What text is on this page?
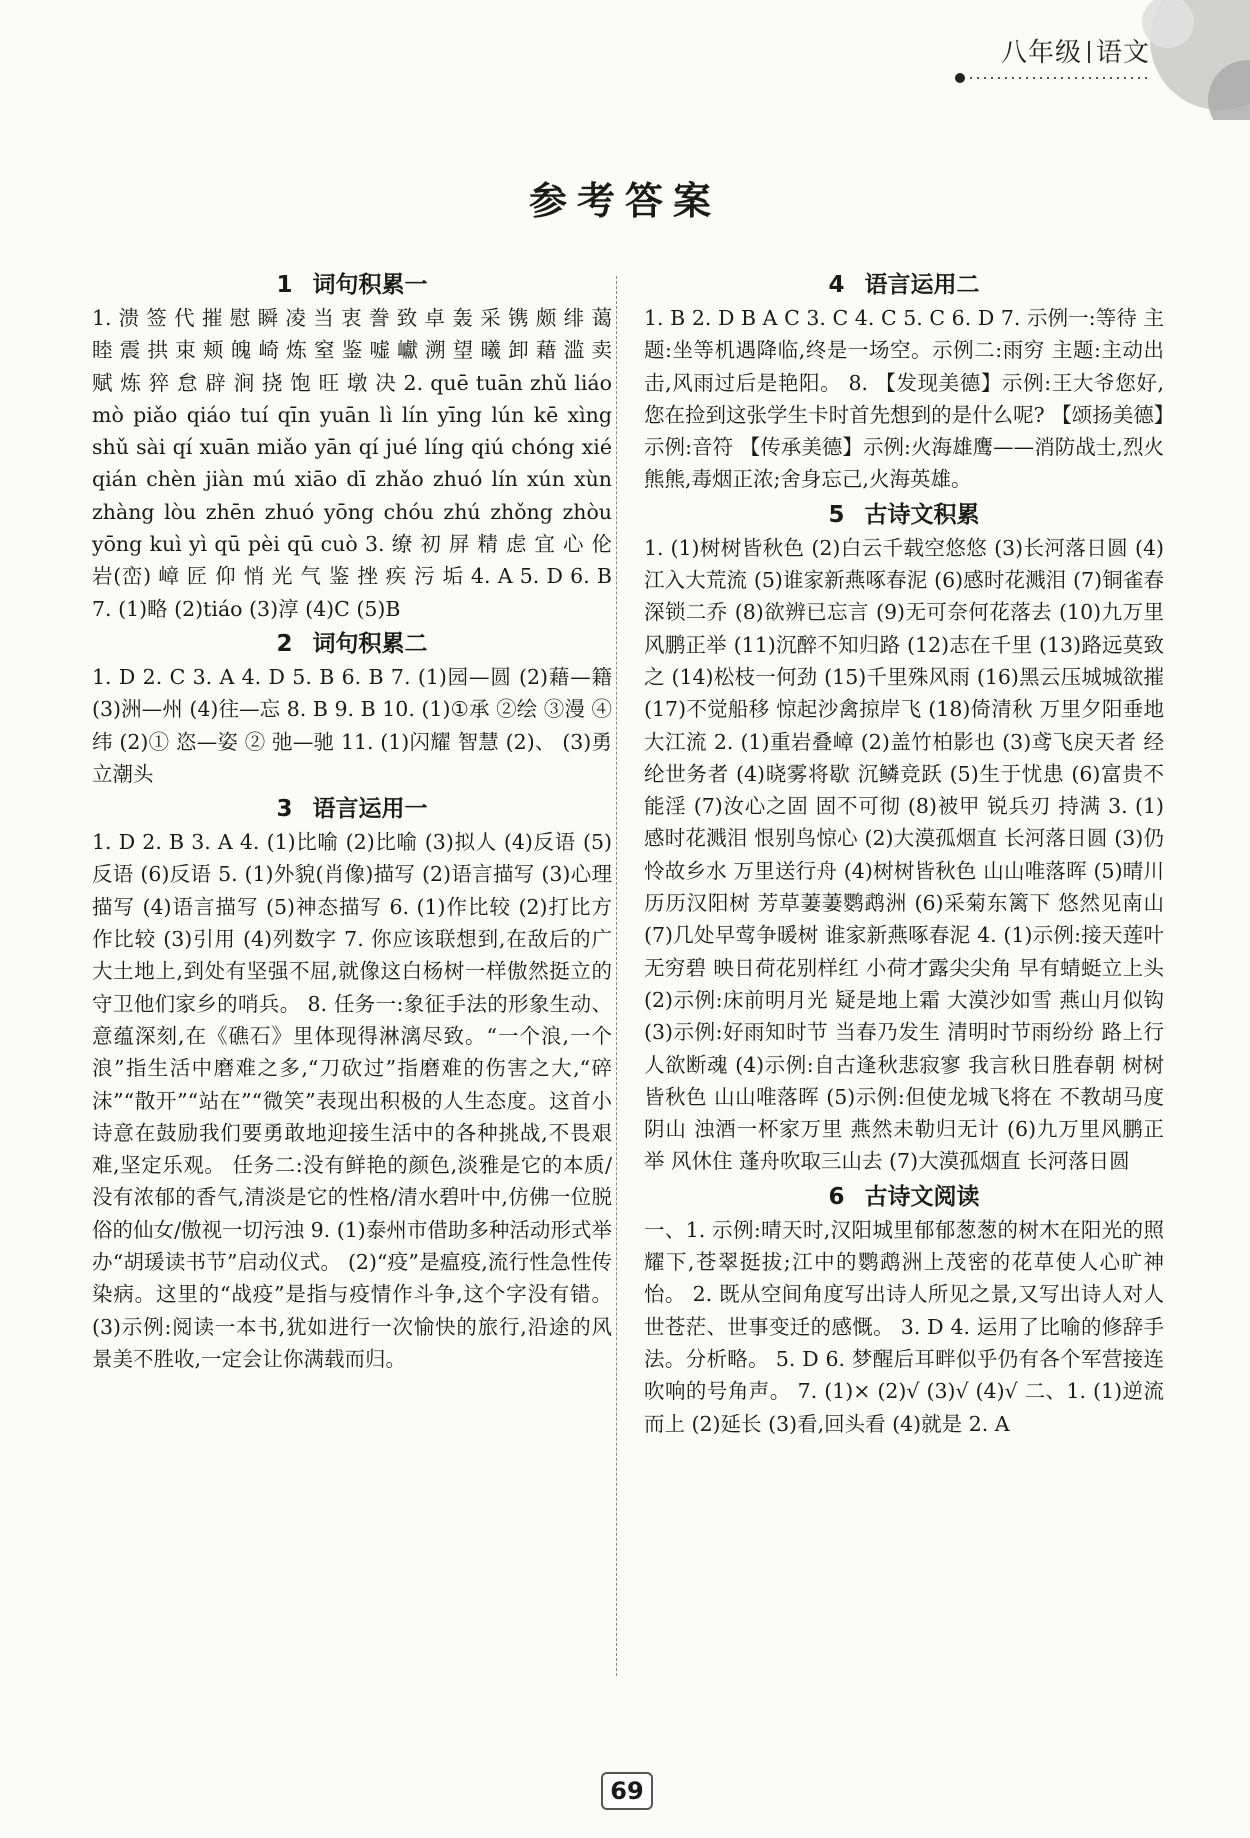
八年级 语文
参考答案
1 词句积累一

1. 溃 签 代 摧 慰 瞬 凌 当 衷 誊 致 卓 轰 采 镌 颇 绯 蔼 睦 震 拱 束 颊 魄 崎 炼 窒 鉴 嘘 巘 溯 望 曦 卸 藉 滥 卖 赋 炼 猝 怠 辟 涧 挠 饱 旺 墩 决 2. quē tuān zhǔ liáo mò piǎo qiáo tuí qīn yuān lì lín yīng lún kē xìng shǔ sài qí xuān miǎo yān qí jué líng qiú chóng xié qián chèn jiàn mú xiāo dī zhǎo zhuó lín xún xùn zhàng lòu zhēn zhuó yōng chóu zhú zhǒng zhòu yōng kuì yì qū pèi qū cuò 3. 缭 初 屏 精 虑 宜 心 伦 岩(峦) 嶂 匠 仰 悄 光 气 鉴 挫 疾 污 垢 4. A 5. D 6. B 7. (1)略 (2)tiáo (3)淳 (4)C (5)B

2 词句积累二

1. D 2. C 3. A 4. D 5. B 6. B 7. (1)园—圆 (2)藉—籍 (3)洲—州 (4)往—忘 8. B 9. B 10. (1)①承 ②绘 ③漫 ④纬 (2)① 恣—姿 ② 弛—驰 11. (1)闪耀 智慧 (2)、 (3)勇立潮头

3 语言运用一

1. D 2. B 3. A 4. (1)比喻 (2)比喻 (3)拟人 (4)反语 (5)反语 (6)反语 5. (1)外貌(肖像)描写 (2)语言描写 (3)心理描写 (4)语言描写 (5)神态描写 6. (1)作比较 (2)打比方 作比较 (3)引用 (4)列数字 7. 你应该联想到,在敌后的广大土地上,到处有坚强不屈,就像这白杨树一样傲然挺立的守卫他们家乡的哨兵。 8. 任务一:象征手法的形象生动、意蕴深刻,在《礁石》里体现得淋漓尽致。“一个浪,一个浪”指生活中磨难之多,“刀砍过”指磨难的伤害之大,“碎沫”“散开”“站在”“微笑”表现出积极的人生态度。这首小诗意在鼓励我们要勇敢地迎接生活中的各种挑战,不畏艰难,坚定乐观。 任务二:没有鲜艳的颜色,淡雅是它的本质/没有浓郁的香气,清淡是它的性格/清水碧叶中,仿佛一位脱俗的仙女/傲视一切污浊 9. (1)泰州市借助多种活动形式举办“胡瑗读书节”启动仪式。 (2)“疫”是瘟疫,流行性急性传染病。这里的“战疫”是指与疫情作斗争,这个字没有错。(3)示例:阅读一本书,犹如进行一次愉快的旅行,沿途的风景美不胜收,一定会让你满载而归。

4 语言运用二

1. B 2. D B A C 3. C 4. C 5. C 6. D 7. 示例一:等待 主题:坐等机遇降临,终是一场空。示例二:雨穷 主题:主动出击,风雨过后是艳阳。 8. 【发现美德】示例:王大爷您好,您在捡到这张学生卡时首先想到的是什么呢? 【颂扬美德】示例:音符 【传承美德】示例:火海雄鹰——消防战士,烈火熊熊,毒烟正浓;舍身忘己,火海英雄。

5 古诗文积累

1. (1)树树皆秋色 (2)白云千载空悠悠 (3)长河落日圆 (4)江入大荒流 (5)谁家新燕啄春泥 (6)感时花溅泪 (7)铜雀春深锁二乔 (8)欲辨已忘言 (9)无可奈何花落去 (10)九万里风鹏正举 (11)沉醉不知归路 (12)志在千里 (13)路远莫致之 (14)松枝一何劲 (15)千里殊风雨 (16)黑云压城城欲摧 (17)不觉船移 惊起沙禽掠岸飞 (18)倚清秋 万里夕阳垂地大江流 2. (1)重岩叠嶂 (2)盖竹柏影也 (3)鸢飞戾天者 经纶世务者 (4)晓雾将歇 沉鳞竞跃 (5)生于忧患 (6)富贵不能淫 (7)汝心之固 固不可彻 (8)被甲 锐兵刃 持满 3. (1)感时花溅泪 恨别鸟惊心 (2)大漠孤烟直 长河落日圆 (3)仍怜故乡水 万里送行舟 (4)树树皆秋色 山山唯落晖 (5)晴川历历汉阳树 芳草萋萋鹦鹉洲 (6)采菊东篱下 悠然见南山 (7)几处早莺争暖树 谁家新燕啄春泥 4. (1)示例:接天莲叶无穷碧 映日荷花别样红 小荷才露尖尖角 早有蜻蜓立上头 (2)示例:床前明月光 疑是地上霜 大漠沙如雪 燕山月似钩 (3)示例:好雨知时节 当春乃发生 清明时节雨纷纷 路上行人欲断魂 (4)示例:自古逢秋悲寂寥 我言秋日胜春朝 树树皆秋色 山山唯落晖 (5)示例:但使龙城飞将在 不教胡马度阴山 浊酒一杯家万里 燕然未勒归无计 (6)九万里风鹏正举 风休住 蓬舟吹取三山去 (7)大漠孤烟直 长河落日圆

6 古诗文阅读

一、1. 示例:晴天时,汉阳城里郁郁葱葱的树木在阳光的照耀下,苍翠挺拔;江中的鹦鹉洲上茂密的花草使人心旷神怡。 2. 既从空间角度写出诗人所见之景,又写出诗人对人世苍茫、世事变迁的感慨。 3. D 4. 运用了比喻的修辞手法。分析略。 5. D 6. 梦醒后耳畔似乎仍有各个军营接连吹响的号角声。 7. (1)× (2)√ (3)√ (4)√ 二、1. (1)逆流而上 (2)延长 (3)看,回头看 (4)就是 2. A

69
